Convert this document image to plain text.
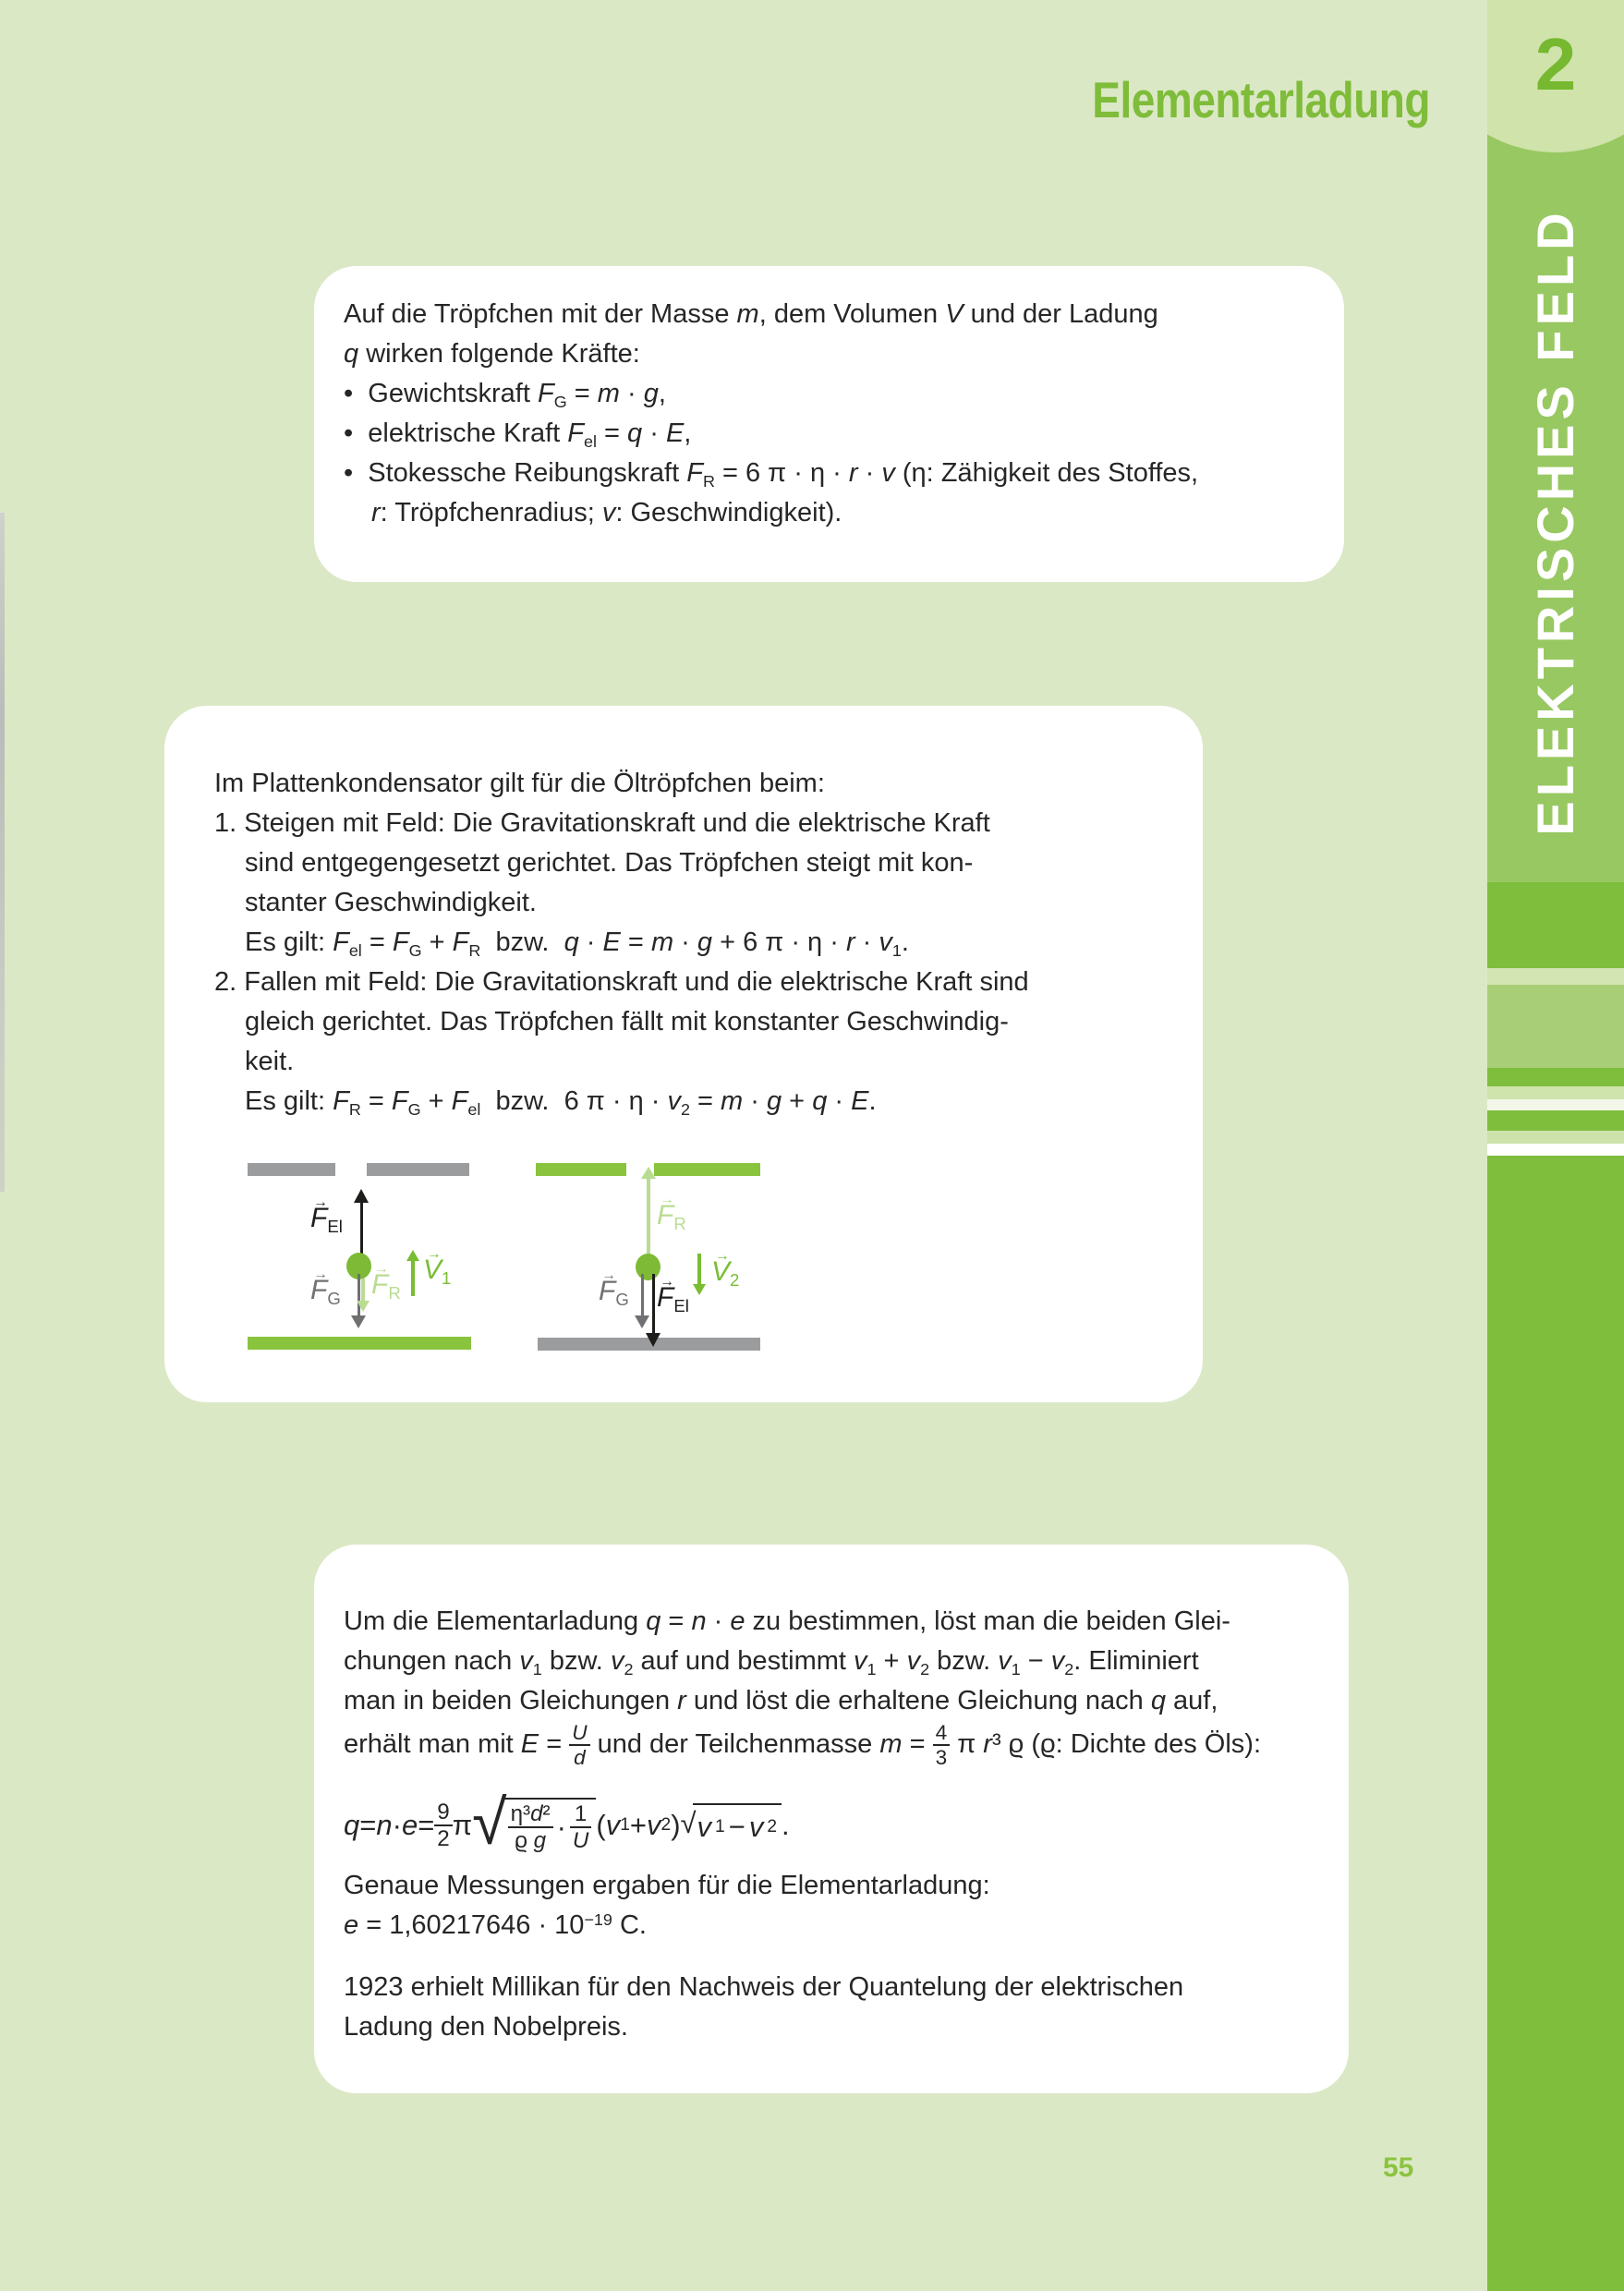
Elementarladung	2
ELEKTRISCHES FELD
Auf die Tröpfchen mit der Masse m, dem Volumen V und der Ladung
q wirken folgende Kräfte:
•  Gewichtskraft $F_G = m \cdot g$,
•  elektrische Kraft $F_{el} = q \cdot E$,
•  Stokessche Reibungskraft $F_R = 6$ π · η · r · v (η: Zähigkeit des Stoffes,
r: Tröpfchenradius; v: Geschwindigkeit).
Im Plattenkondensator gilt für die Öltröpfchen beim:
1. Steigen mit Feld: Die Gravitationskraft und die elektrische Kraft
sind entgegengesetzt gerichtet. Das Tröpfchen steigt mit kon-
stanter Geschwindigkeit.
Es gilt: $F_{el} = F_G + F_R$  bzw.  q · E = m · g + 6 $\pi \cdot \eta \cdot r \cdot v_1$.
2. Fallen mit Feld: Die Gravitationskraft und die elektrische Kraft sind
gleich gerichtet. Das Tröpfchen fällt mit konstanter Geschwindig-
keit.
Es gilt: $F_R = F_G + F_{el}$  bzw.  6 $\pi \cdot \eta \cdot v_2 = m \cdot g + q \cdot E$.
$F \to_{El}$
$F \to_G$ $F \to_R$
$V \to_1$
$F \to_R$
$F \to_G$ $F \to_{El}$
$V \to_2$
Um die Elementarladung q = n · e zu bestimmen, löst man die beiden Glei-
chungen nach $v_1$ bzw. $v_2$ auf und bestimmt $v_1 + v_2$ bzw. $v_1 - v_2$. Eliminiert
man in beiden Gleichungen r und löst die erhaltene Gleichung nach q auf,
erhält man mit $E = \frac{U}{d}$ und der Teilchenmasse $m = \frac{4}{3}$ π r³ ϱ (ϱ: Dichte des Öls):
$q = n \cdot e = \frac{9}{2}$ π √ $\frac{\text{η³d²}}{\text{ϱ g}} \cdot \frac{1}{U}$ ( v 1 + v 2 ) √ v 1 − v 2 .
Genaue Messungen ergaben für die Elementarladung:
$e = 1,60217646 \cdot 10^{-19}$ C.
1923 erhielt Millikan für den Nachweis der Quantelung der elektrischen
Ladung den Nobelpreis.
55
